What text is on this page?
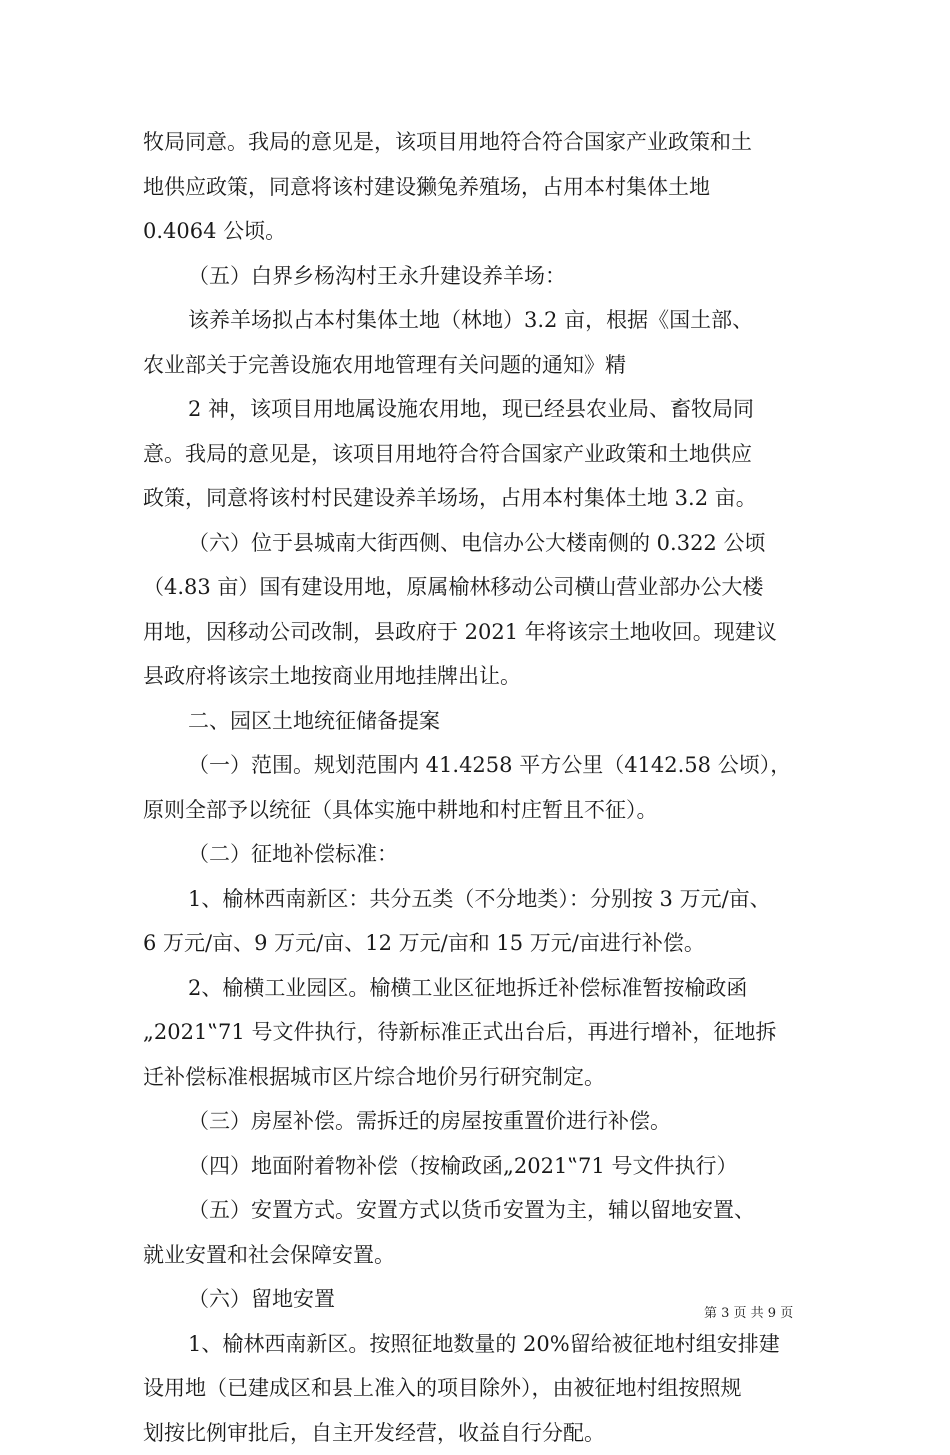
牧局同意。我局的意见是，该项目用地符合符合国家产业政策和土
地供应政策，同意将该村建设獭兔养殖场，占用本村集体土地
0.4064 公顷。
（五）白界乡杨沟村王永升建设养羊场：
该养羊场拟占本村集体土地（林地）3.2 亩，根据《国土部、
农业部关于完善设施农用地管理有关问题的通知》精
2 神，该项目用地属设施农用地，现已经县农业局、畜牧局同
意。我局的意见是，该项目用地符合符合国家产业政策和土地供应
政策，同意将该村村民建设养羊场场，占用本村集体土地 3.2 亩。
（六）位于县城南大街西侧、电信办公大楼南侧的 0.322 公顷
（4.83 亩）国有建设用地，原属榆林移动公司横山营业部办公大楼
用地，因移动公司改制，县政府于 2021 年将该宗土地收回。现建议
县政府将该宗土地按商业用地挂牌出让。
二、园区土地统征储备提案
（一）范围。规划范围内 41.4258 平方公里（4142.58 公顷），
原则全部予以统征（具体实施中耕地和村庄暂且不征）。
（二）征地补偿标准：
1、榆林西南新区：共分五类（不分地类）：分别按 3 万元/亩、
6 万元/亩、9 万元/亩、12 万元/亩和 15 万元/亩进行补偿。
2、榆横工业园区。榆横工业区征地拆迁补偿标准暂按榆政函
„2021‟71 号文件执行，待新标准正式出台后，再进行增补，征地拆
迁补偿标准根据城市区片综合地价另行研究制定。
（三）房屋补偿。需拆迁的房屋按重置价进行补偿。
（四）地面附着物补偿（按榆政函„2021‟71 号文件执行）
（五）安置方式。安置方式以货币安置为主，辅以留地安置、
就业安置和社会保障安置。
（六）留地安置
1、榆林西南新区。按照征地数量的 20%留给被征地村组安排建
设用地（已建成区和县上准入的项目除外），由被征地村组按照规
划按比例审批后，自主开发经营，收益自行分配。
第 3 页 共 9 页
